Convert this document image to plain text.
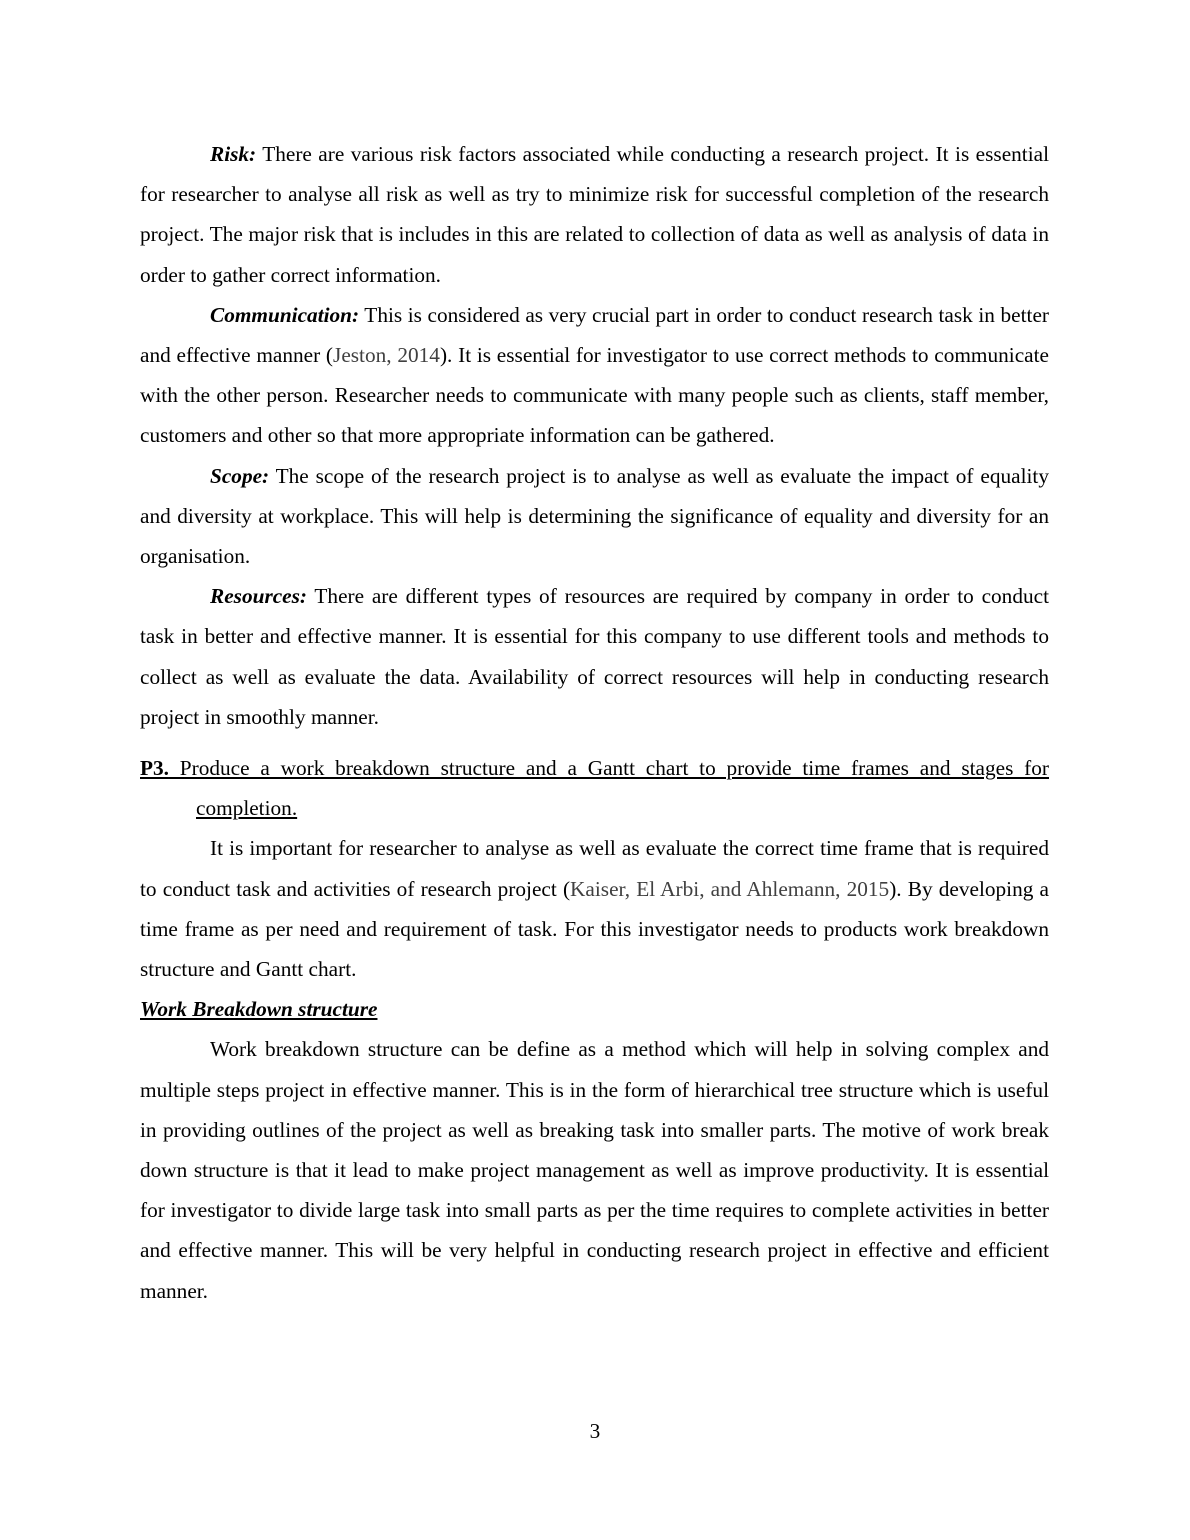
Risk: There are various risk factors associated while conducting a research project. It is essential for researcher to analyse all risk as well as try to minimize risk for successful completion of the research project. The major risk that is includes in this are related to collection of data as well as analysis of data in order to gather correct information.

Communication: This is considered as very crucial part in order to conduct research task in better and effective manner (Jeston, 2014). It is essential for investigator to use correct methods to communicate with the other person. Researcher needs to communicate with many people such as clients, staff member, customers and other so that more appropriate information can be gathered.

Scope: The scope of the research project is to analyse as well as evaluate the impact of equality and diversity at workplace. This will help is determining the significance of equality and diversity for an organisation.

Resources: There are different types of resources are required by company in order to conduct task in better and effective manner. It is essential for this company to use different tools and methods to collect as well as evaluate the data. Availability of correct resources will help in conducting research project in smoothly manner.

P3. Produce a work breakdown structure and a Gantt chart to provide time frames and stages for completion.

It is important for researcher to analyse as well as evaluate the correct time frame that is required to conduct task and activities of research project (Kaiser, El Arbi, and Ahlemann, 2015). By developing a time frame as per need and requirement of task. For this investigator needs to products work breakdown structure and Gantt chart.

Work Breakdown structure

Work breakdown structure can be define as a method which will help in solving complex and multiple steps project in effective manner. This is in the form of hierarchical tree structure which is useful in providing outlines of the project as well as breaking task into smaller parts. The motive of work break down structure is that it lead to make project management as well as improve productivity. It is essential for investigator to divide large task into small parts as per the time requires to complete activities in better and effective manner. This will be very helpful in conducting research project in effective and efficient manner.

3
